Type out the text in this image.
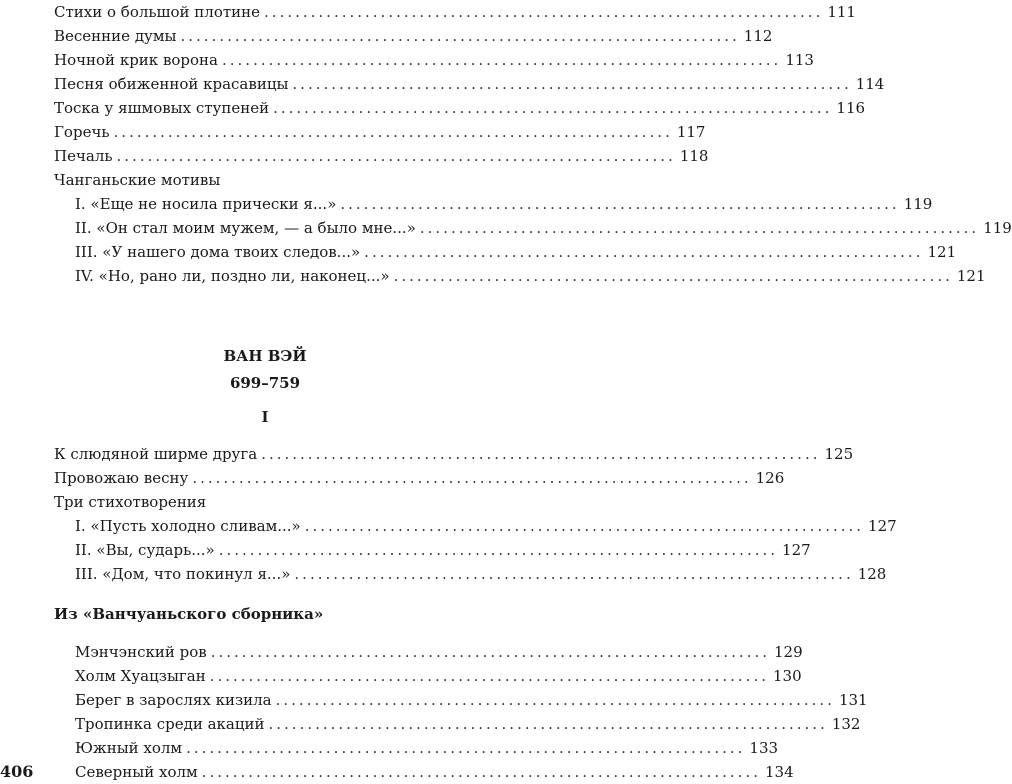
Стихи о большой плотине ........................................................................ 111
Весенние думы ........................................................................ 112
Ночной крик ворона ........................................................................ 113
Песня обиженной красавицы ........................................................................ 114
Тоска у яшмовых ступеней ........................................................................ 116
Горечь ........................................................................ 117
Печаль ........................................................................ 118
Чанганьские мотивы
I. «Еще не носила прически я...» ........................................................................ 119
II. «Он стал моим мужем, — а было мне...» ........................................................................ 119
III. «У нашего дома твоих следов...» ........................................................................ 121
IV. «Но, рано ли, поздно ли, наконец...» ........................................................................ 121
ВАН ВЭЙ
699–759
I
К слюдяной ширме друга ........................................................................ 125
Провожаю весну ........................................................................ 126
Три стихотворения
I. «Пусть холодно сливам...» ........................................................................ 127
II. «Вы, сударь...» ........................................................................ 127
III. «Дом, что покинул я...» ........................................................................ 128
Из «Ванчуаньского сборника»
Мэнчэнский ров ........................................................................ 129
Холм Хуацзыган ........................................................................ 130
Берег в зарослях кизила ........................................................................ 131
Тропинка среди акаций ........................................................................ 132
Южный холм ........................................................................ 133
Северный холм ........................................................................ 134
406
